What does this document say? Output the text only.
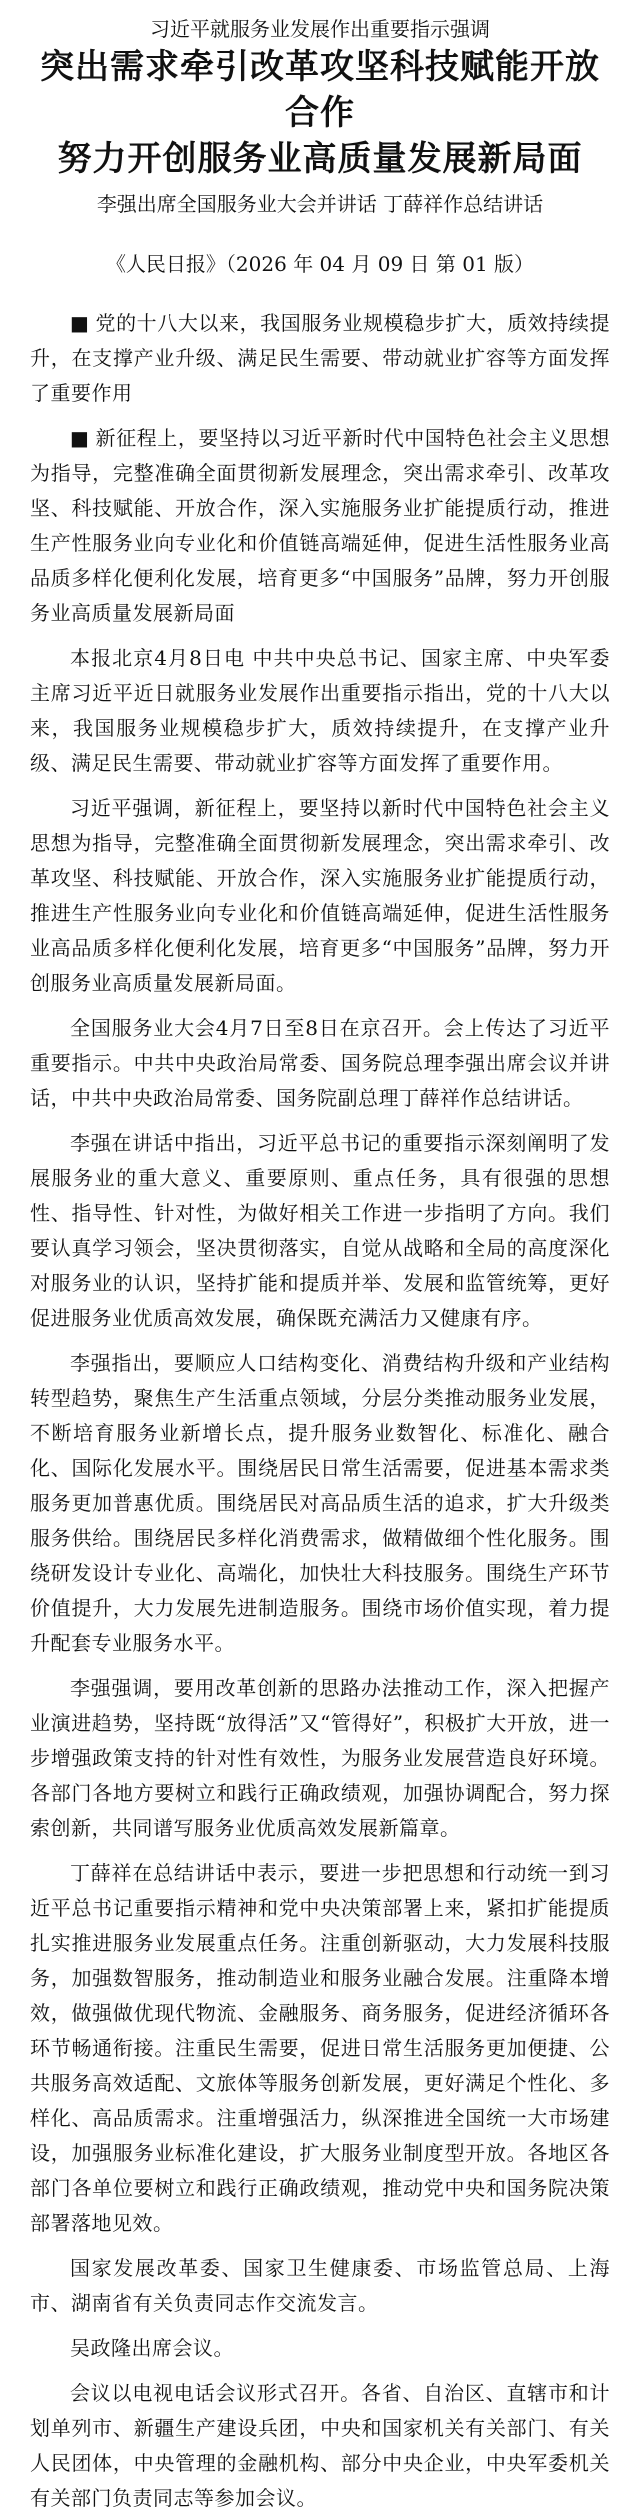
习近平就服务业发展作出重要指示强调

突出需求牵引改革攻坚科技赋能开放合作
努力开创服务业高质量发展新局面

李强出席全国服务业大会并讲话 丁薛祥作总结讲话

《人民日报》（2026 年 04 月 09 日 第 01 版）

■ 党的十八大以来，我国服务业规模稳步扩大，质效持续提升，在支撑产业升级、满足民生需要、带动就业扩容等方面发挥了重要作用

■ 新征程上，要坚持以习近平新时代中国特色社会主义思想为指导，完整准确全面贯彻新发展理念，突出需求牵引、改革攻坚、科技赋能、开放合作，深入实施服务业扩能提质行动，推进生产性服务业向专业化和价值链高端延伸，促进生活性服务业高品质多样化便利化发展，培育更多“中国服务”品牌，努力开创服务业高质量发展新局面

本报北京4月8日电 中共中央总书记、国家主席、中央军委主席习近平近日就服务业发展作出重要指示指出，党的十八大以来，我国服务业规模稳步扩大，质效持续提升，在支撑产业升级、满足民生需要、带动就业扩容等方面发挥了重要作用。

习近平强调，新征程上，要坚持以新时代中国特色社会主义思想为指导，完整准确全面贯彻新发展理念，突出需求牵引、改革攻坚、科技赋能、开放合作，深入实施服务业扩能提质行动，推进生产性服务业向专业化和价值链高端延伸，促进生活性服务业高品质多样化便利化发展，培育更多“中国服务”品牌，努力开创服务业高质量发展新局面。

全国服务业大会4月7日至8日在京召开。会上传达了习近平重要指示。中共中央政治局常委、国务院总理李强出席会议并讲话，中共中央政治局常委、国务院副总理丁薛祥作总结讲话。

李强在讲话中指出，习近平总书记的重要指示深刻阐明了发展服务业的重大意义、重要原则、重点任务，具有很强的思想性、指导性、针对性，为做好相关工作进一步指明了方向。我们要认真学习领会，坚决贯彻落实，自觉从战略和全局的高度深化对服务业的认识，坚持扩能和提质并举、发展和监管统筹，更好促进服务业优质高效发展，确保既充满活力又健康有序。

李强指出，要顺应人口结构变化、消费结构升级和产业结构转型趋势，聚焦生产生活重点领域，分层分类推动服务业发展，不断培育服务业新增长点，提升服务业数智化、标准化、融合化、国际化发展水平。围绕居民日常生活需要，促进基本需求类服务更加普惠优质。围绕居民对高品质生活的追求，扩大升级类服务供给。围绕居民多样化消费需求，做精做细个性化服务。围绕研发设计专业化、高端化，加快壮大科技服务。围绕生产环节价值提升，大力发展先进制造服务。围绕市场价值实现，着力提升配套专业服务水平。

李强强调，要用改革创新的思路办法推动工作，深入把握产业演进趋势，坚持既“放得活”又“管得好”，积极扩大开放，进一步增强政策支持的针对性有效性，为服务业发展营造良好环境。各部门各地方要树立和践行正确政绩观，加强协调配合，努力探索创新，共同谱写服务业优质高效发展新篇章。

丁薛祥在总结讲话中表示，要进一步把思想和行动统一到习近平总书记重要指示精神和党中央决策部署上来，紧扣扩能提质扎实推进服务业发展重点任务。注重创新驱动，大力发展科技服务，加强数智服务，推动制造业和服务业融合发展。注重降本增效，做强做优现代物流、金融服务、商务服务，促进经济循环各环节畅通衔接。注重民生需要，促进日常生活服务更加便捷、公共服务高效适配、文旅体等服务创新发展，更好满足个性化、多样化、高品质需求。注重增强活力，纵深推进全国统一大市场建设，加强服务业标准化建设，扩大服务业制度型开放。各地区各部门各单位要树立和践行正确政绩观，推动党中央和国务院决策部署落地见效。

国家发展改革委、国家卫生健康委、市场监管总局、上海市、湖南省有关负责同志作交流发言。

吴政隆出席会议。

会议以电视电话会议形式召开。各省、自治区、直辖市和计划单列市、新疆生产建设兵团，中央和国家机关有关部门、有关人民团体，中央管理的金融机构、部分中央企业，中央军委机关有关部门负责同志等参加会议。
